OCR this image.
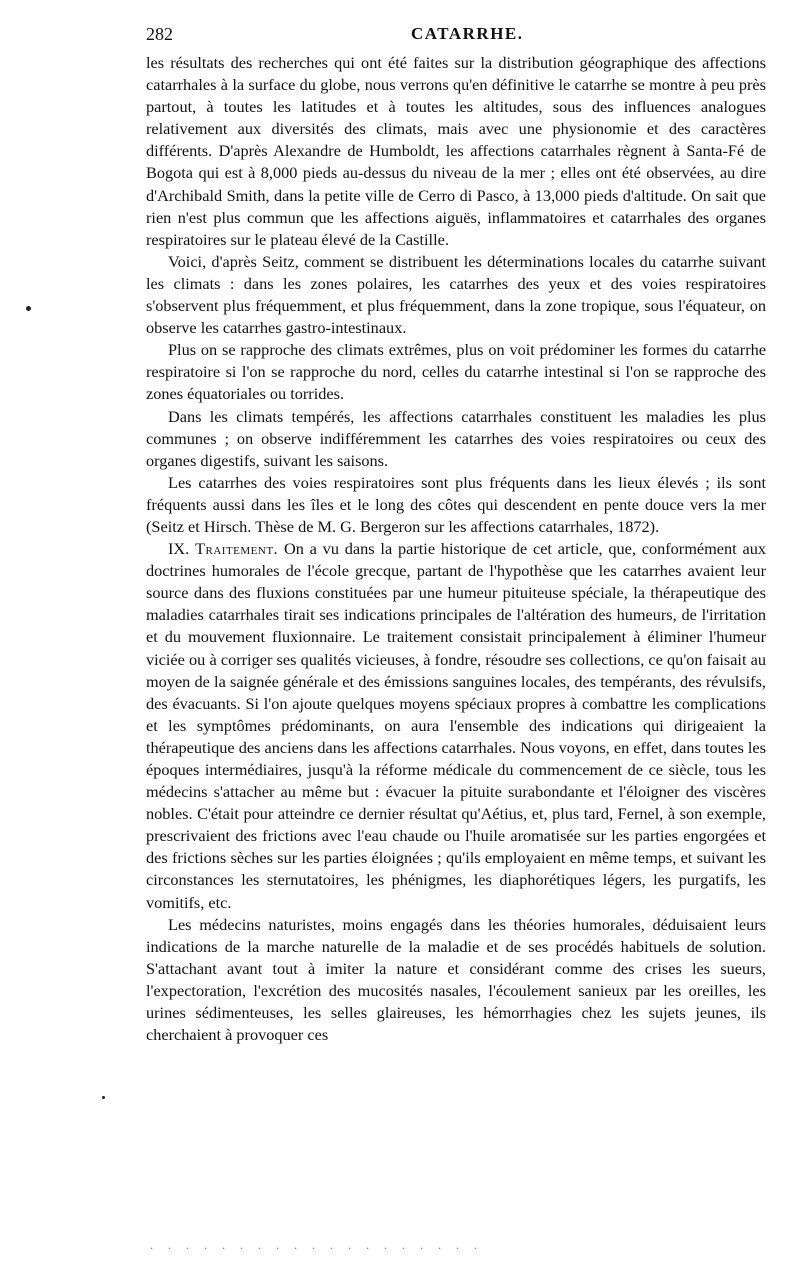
282	CATARRHE.

les résultats des recherches qui ont été faites sur la distribution géographique des affections catarrhales à la surface du globe, nous verrons qu'en définitive le catarrhe se montre à peu près partout, à toutes les latitudes et à toutes les altitudes, sous des influences analogues relativement aux diversités des climats, mais avec une physionomie et des caractères différents. D'après Alexandre de Humboldt, les affections catarrhales règnent à Santa-Fé de Bogota qui est à 8,000 pieds au-dessus du niveau de la mer ; elles ont été observées, au dire d'Archibald Smith, dans la petite ville de Cerro di Pasco, à 13,000 pieds d'altitude. On sait que rien n'est plus commun que les affections aiguës, inflammatoires et catarrhales des organes respiratoires sur le plateau élevé de la Castille.

Voici, d'après Seitz, comment se distribuent les déterminations locales du catarrhe suivant les climats : dans les zones polaires, les catarrhes des yeux et des voies respiratoires s'observent plus fréquemment, et plus fréquemment, dans la zone tropique, sous l'équateur, on observe les catarrhes gastro-intestinaux.

Plus on se rapproche des climats extrêmes, plus on voit prédominer les formes du catarrhe respiratoire si l'on se rapproche du nord, celles du catarrhe intestinal si l'on se rapproche des zones équatoriales ou torrides.

Dans les climats tempérés, les affections catarrhales constituent les maladies les plus communes ; on observe indifféremment les catarrhes des voies respiratoires ou ceux des organes digestifs, suivant les saisons.

Les catarrhes des voies respiratoires sont plus fréquents dans les lieux élevés ; ils sont fréquents aussi dans les îles et le long des côtes qui descendent en pente douce vers la mer (Seitz et Hirsch. Thèse de M. G. Bergeron sur les affections catarrhales, 1872).

IX. Traitement. On a vu dans la partie historique de cet article, que, conformément aux doctrines humorales de l'école grecque, partant de l'hypothèse que les catarrhes avaient leur source dans des fluxions constituées par une humeur pituiteuse spéciale, la thérapeutique des maladies catarrhales tirait ses indications principales de l'altération des humeurs, de l'irritation et du mouvement fluxionnaire. Le traitement consistait principalement à éliminer l'humeur viciée ou à corriger ses qualités vicieuses, à fondre, résoudre ses collections, ce qu'on faisait au moyen de la saignée générale et des émissions sanguines locales, des tempérants, des révulsifs, des évacuants. Si l'on ajoute quelques moyens spéciaux propres à combattre les complications et les symptômes prédominants, on aura l'ensemble des indications qui dirigeaient la thérapeutique des anciens dans les affections catarrhales. Nous voyons, en effet, dans toutes les époques intermédiaires, jusqu'à la réforme médicale du commencement de ce siècle, tous les médecins s'attacher au même but : évacuer la pituite surabondante et l'éloigner des viscères nobles. C'était pour atteindre ce dernier résultat qu'Aétius, et, plus tard, Fernel, à son exemple, prescrivaient des frictions avec l'eau chaude ou l'huile aromatisée sur les parties engorgées et des frictions sèches sur les parties éloignées ; qu'ils employaient en même temps, et suivant les circonstances les sternutatoires, les phénigmes, les diaphorétiques légers, les purgatifs, les vomitifs, etc.

Les médecins naturistes, moins engagés dans les théories humorales, déduisaient leurs indications de la marche naturelle de la maladie et de ses procédés habituels de solution. S'attachant avant tout à imiter la nature et considérant comme des crises les sueurs, l'expectoration, l'excrétion des mucosités nasales, l'écoulement sanieux par les oreilles, les urines sédimenteuses, les selles glaireuses, les hémorrhagies chez les sujets jeunes, ils cherchaient à provoquer ces

. . . . . . . . . . . . . . . . . . .
